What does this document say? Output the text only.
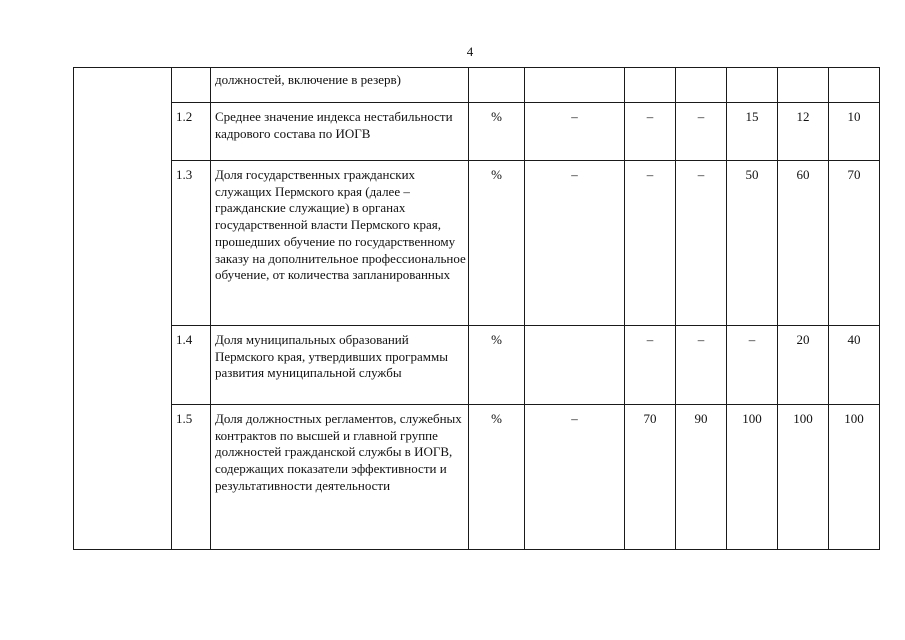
4
		должностей, включение в резерв)							
	1.2	Среднее значение индекса нестабильности кадрового состава по ИОГВ	%	–	–	–	15	12	10
	1.3	Доля государственных гражданских служащих Пермского края (далее – гражданские служащие) в органах государственной власти Пермского края, прошедших обучение по государственному заказу на дополнительное профессиональное обучение, от количества запланированных	%	–	–	–	50	60	70
	1.4	Доля муниципальных образований Пермского края, утвердивших программы развития муниципальной службы	%		–	–	–	20	40
	1.5	Доля должностных регламентов, служебных контрактов по высшей и главной группе должностей гражданской службы в ИОГВ, содержащих показатели эффективности и результативности деятельности	%	–	70	90	100	100	100
